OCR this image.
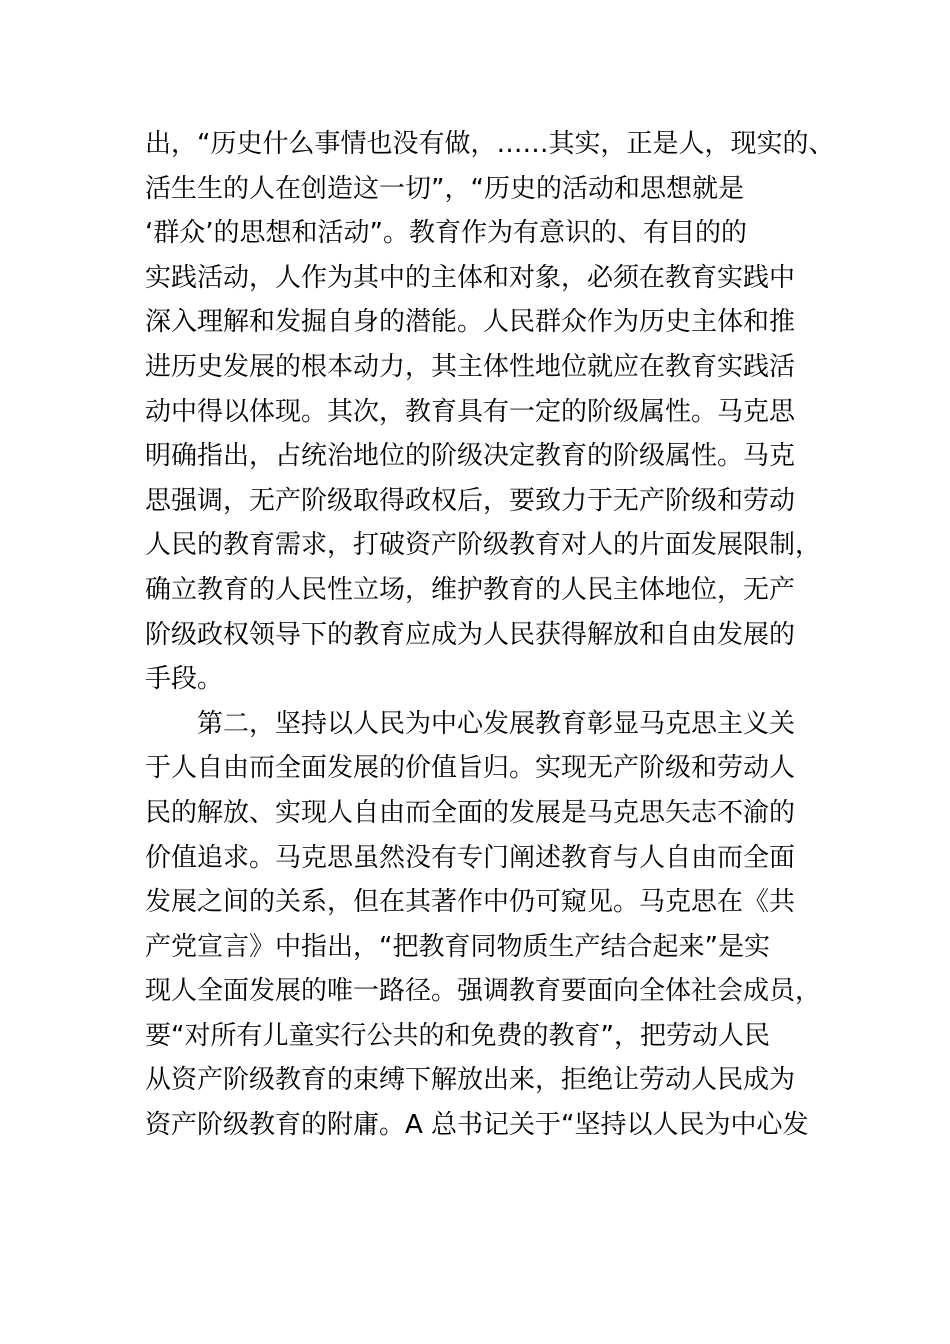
出，“历史什么事情也没有做，……其实，正是人，现实的、
活生生的人在创造这一切”，“历史的活动和思想就是
‘群众’的思想和活动”。教育作为有意识的、有目的的
实践活动，人作为其中的主体和对象，必须在教育实践中
深入理解和发掘自身的潜能。人民群众作为历史主体和推
进历史发展的根本动力，其主体性地位就应在教育实践活
动中得以体现。其次，教育具有一定的阶级属性。马克思
明确指出，占统治地位的阶级决定教育的阶级属性。马克
思强调，无产阶级取得政权后，要致力于无产阶级和劳动
人民的教育需求，打破资产阶级教育对人的片面发展限制，
确立教育的人民性立场，维护教育的人民主体地位，无产
阶级政权领导下的教育应成为人民获得解放和自由发展的
手段。
第二，坚持以人民为中心发展教育彰显马克思主义关
于人自由而全面发展的价值旨归。实现无产阶级和劳动人
民的解放、实现人自由而全面的发展是马克思矢志不渝的
价值追求。马克思虽然没有专门阐述教育与人自由而全面
发展之间的关系，但在其著作中仍可窥见。马克思在《共
产党宣言》中指出，“把教育同物质生产结合起来”是实
现人全面发展的唯一路径。强调教育要面向全体社会成员，
要“对所有儿童实行公共的和免费的教育”，把劳动人民
从资产阶级教育的束缚下解放出来，拒绝让劳动人民成为
资产阶级教育的附庸。A 总书记关于“坚持以人民为中心发
